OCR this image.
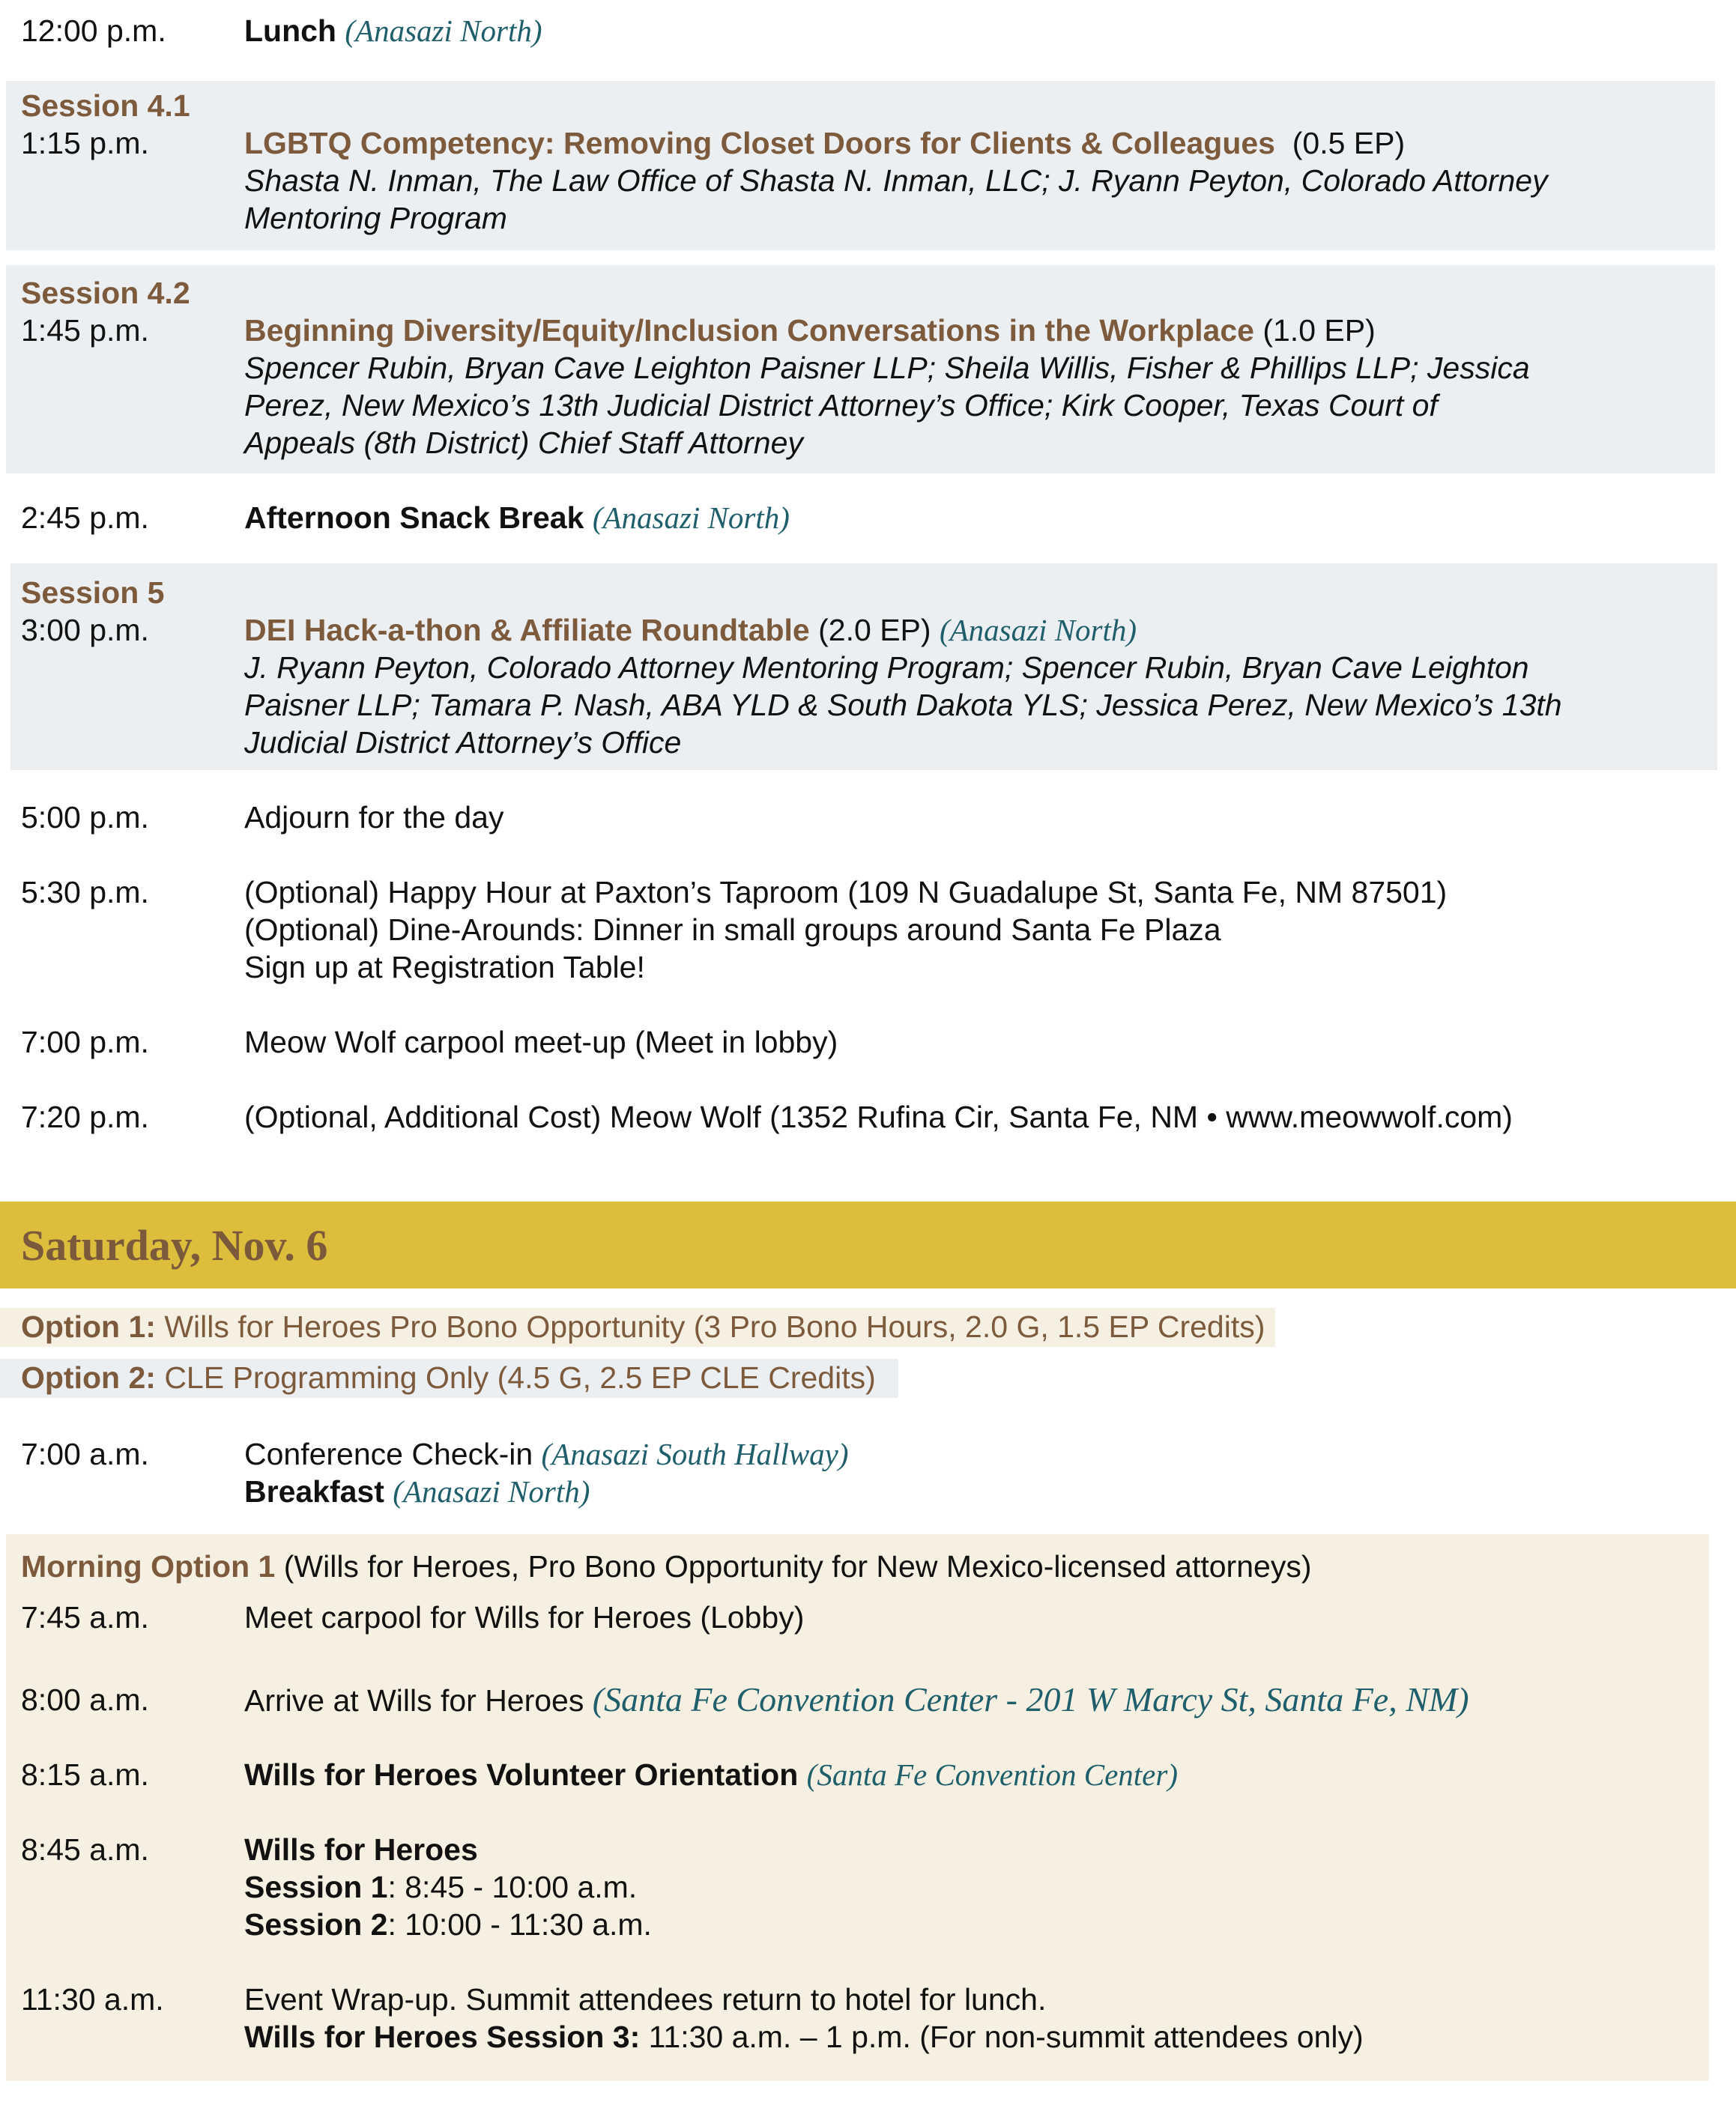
12:00 p.m.	Lunch (Anasazi North)
Session 4.1
1:15 p.m.	LGBTQ Competency: Removing Closet Doors for Clients & Colleagues (0.5 EP)
Shasta N. Inman, The Law Office of Shasta N. Inman, LLC; J. Ryann Peyton, Colorado Attorney
Mentoring Program
Session 4.2
1:45 p.m.	Beginning Diversity/Equity/Inclusion Conversations in the Workplace (1.0 EP)
Spencer Rubin, Bryan Cave Leighton Paisner LLP; Sheila Willis, Fisher & Phillips LLP; Jessica
Perez, New Mexico’s 13th Judicial District Attorney’s Office; Kirk Cooper, Texas Court of
Appeals (8th District) Chief Staff Attorney
2:45 p.m.	Afternoon Snack Break (Anasazi North)
Session 5
3:00 p.m.	DEI Hack-a-thon & Affiliate Roundtable (2.0 EP) (Anasazi North)
J. Ryann Peyton, Colorado Attorney Mentoring Program; Spencer Rubin, Bryan Cave Leighton
Paisner LLP; Tamara P. Nash, ABA YLD & South Dakota YLS; Jessica Perez, New Mexico’s 13th
Judicial District Attorney’s Office
5:00 p.m.	Adjourn for the day
5:30 p.m.	(Optional) Happy Hour at Paxton’s Taproom (109 N Guadalupe St, Santa Fe, NM 87501)
(Optional) Dine-Arounds: Dinner in small groups around Santa Fe Plaza
Sign up at Registration Table!
7:00 p.m.	Meow Wolf carpool meet-up (Meet in lobby)
7:20 p.m.	(Optional, Additional Cost) Meow Wolf (1352 Rufina Cir, Santa Fe, NM • www.meowwolf.com)
Saturday, Nov. 6
Option 1: Wills for Heroes Pro Bono Opportunity (3 Pro Bono Hours, 2.0 G, 1.5 EP Credits)
Option 2: CLE Programming Only (4.5 G, 2.5 EP CLE Credits)
7:00 a.m.	Conference Check-in (Anasazi South Hallway)
Breakfast (Anasazi North)
Morning Option 1 (Wills for Heroes, Pro Bono Opportunity for New Mexico-licensed attorneys)
7:45 a.m.	Meet carpool for Wills for Heroes (Lobby)
8:00 a.m.	Arrive at Wills for Heroes (Santa Fe Convention Center - 201 W Marcy St, Santa Fe, NM)
8:15 a.m.	Wills for Heroes Volunteer Orientation (Santa Fe Convention Center)
8:45 a.m.	Wills for Heroes
Session 1: 8:45 - 10:00 a.m.
Session 2: 10:00 - 11:30 a.m.
11:30 a.m.	Event Wrap-up. Summit attendees return to hotel for lunch.
Wills for Heroes Session 3: 11:30 a.m. – 1 p.m. (For non-summit attendees only)
